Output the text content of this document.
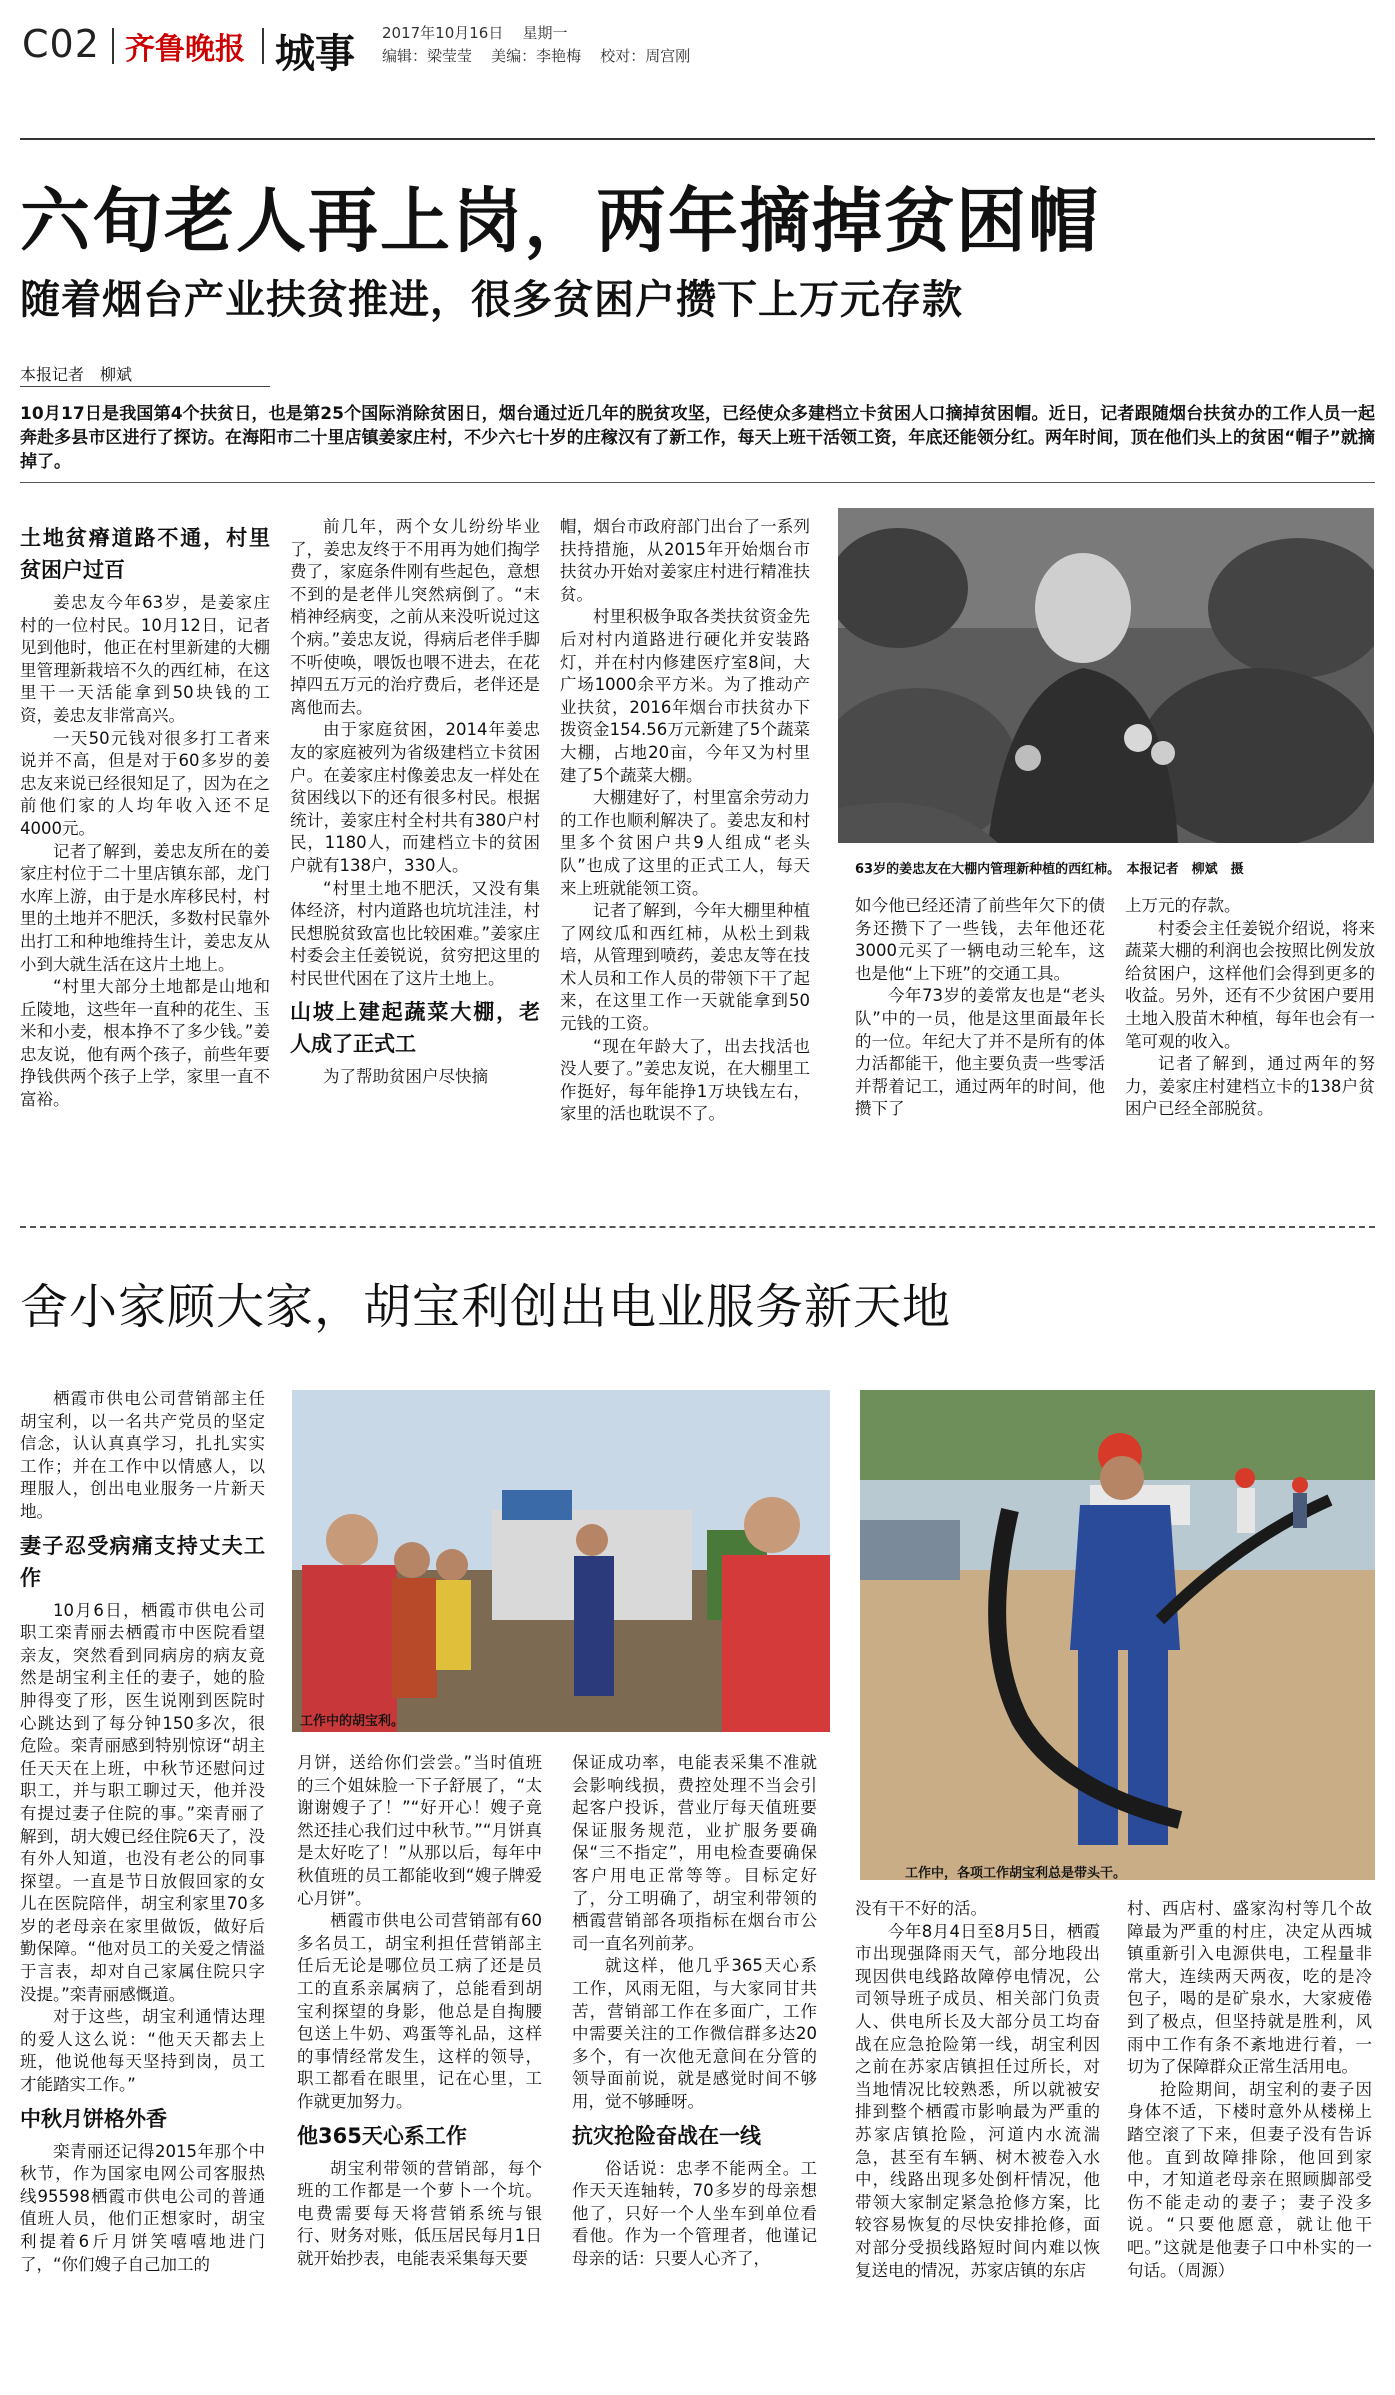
C02 齐鲁晚报 城事 2017年10月16日 星期一
编辑：梁莹莹 美编：李艳梅 校对：周宫刚
六旬老人再上岗，两年摘掉贫困帽
随着烟台产业扶贫推进，很多贫困户攒下上万元存款
本报记者　柳斌
10月17日是我国第4个扶贫日，也是第25个国际消除贫困日，烟台通过近几年的脱贫攻坚，已经使众多建档立卡贫困人口摘掉贫困帽。近日，记者跟随烟台扶贫办的工作人员一起奔赴多县市区进行了探访。在海阳市二十里店镇姜家庄村，不少六七十岁的庄稼汉有了新工作，每天上班干活领工资，年底还能领分红。两年时间，顶在他们头上的贫困“帽子”就摘掉了。
土地贫瘠道路不通，村里贫困户过百

姜忠友今年63岁，是姜家庄村的一位村民。10月12日，记者见到他时，他正在村里新建的大棚里管理新栽培不久的西红柿，在这里干一天活能拿到50块钱的工资，姜忠友非常高兴。

一天50元钱对很多打工者来说并不高，但是对于60多岁的姜忠友来说已经很知足了，因为在之前他们家的人均年收入还不足4000元。

记者了解到，姜忠友所在的姜家庄村位于二十里店镇东部，龙门水库上游，由于是水库移民村，村里的土地并不肥沃，多数村民靠外出打工和种地维持生计，姜忠友从小到大就生活在这片土地上。

“村里大部分土地都是山地和丘陵地，这些年一直种的花生、玉米和小麦，根本挣不了多少钱。”姜忠友说，他有两个孩子，前些年要挣钱供两个孩子上学，家里一直不富裕。

前几年，两个女儿纷纷毕业了，姜忠友终于不用再为她们掏学费了，家庭条件刚有些起色，意想不到的是老伴儿突然病倒了。“末梢神经病变，之前从来没听说过这个病。”姜忠友说，得病后老伴手脚不听使唤，喂饭也喂不进去，在花掉四五万元的治疗费后，老伴还是离他而去。

由于家庭贫困，2014年姜忠友的家庭被列为省级建档立卡贫困户。在姜家庄村像姜忠友一样处在贫困线以下的还有很多村民。根据统计，姜家庄村全村共有380户村民，1180人，而建档立卡的贫困户就有138户，330人。

“村里土地不肥沃，又没有集体经济，村内道路也坑坑洼洼，村民想脱贫致富也比较困难。”姜家庄村委会主任姜锐说，贫穷把这里的村民世代困在了这片土地上。

山坡上建起蔬菜大棚，老人成了正式工

为了帮助贫困户尽快摘

帽，烟台市政府部门出台了一系列扶持措施，从2015年开始烟台市扶贫办开始对姜家庄村进行精准扶贫。

村里积极争取各类扶贫资金先后对村内道路进行硬化并安装路灯，并在村内修建医疗室8间，大广场1000余平方米。为了推动产业扶贫，2016年烟台市扶贫办下拨资金154.56万元新建了5个蔬菜大棚，占地20亩，今年又为村里建了5个蔬菜大棚。

大棚建好了，村里富余劳动力的工作也顺利解决了。姜忠友和村里多个贫困户共9人组成“老头队”也成了这里的正式工人，每天来上班就能领工资。

记者了解到，今年大棚里种植了网纹瓜和西红柿，从松土到栽培，从管理到喷药，姜忠友等在技术人员和工作人员的带领下干了起来，在这里工作一天就能拿到50元钱的工资。

“现在年龄大了，出去找活也没人要了。”姜忠友说，在大棚里工作挺好，每年能挣1万块钱左右，家里的活也耽误不了。

63岁的姜忠友在大棚内管理新种植的西红柿。　本报记者　柳斌　摄

如今他已经还清了前些年欠下的债务还攒下了一些钱，去年他还花3000元买了一辆电动三轮车，这也是他“上下班”的交通工具。

今年73岁的姜常友也是“老头队”中的一员，他是这里面最年长的一位。年纪大了并不是所有的体力活都能干，他主要负责一些零活并帮着记工，通过两年的时间，他攒下了

上万元的存款。

村委会主任姜锐介绍说，将来蔬菜大棚的利润也会按照比例发放给贫困户，这样他们会得到更多的收益。另外，还有不少贫困户要用土地入股苗木种植，每年也会有一笔可观的收入。

记者了解到，通过两年的努力，姜家庄村建档立卡的138户贫困户已经全部脱贫。

舍小家顾大家，胡宝利创出电业服务新天地

栖霞市供电公司营销部主任胡宝利，以一名共产党员的坚定信念，认认真真学习，扎扎实实工作；并在工作中以情感人，以理服人，创出电业服务一片新天地。

妻子忍受病痛支持丈夫工作

10月6日，栖霞市供电公司职工栾青丽去栖霞市中医院看望亲友，突然看到同病房的病友竟然是胡宝利主任的妻子，她的脸肿得变了形，医生说刚到医院时心跳达到了每分钟150多次，很危险。栾青丽感到特别惊讶“胡主任天天在上班，中秋节还慰问过职工，并与职工聊过天，他并没有提过妻子住院的事。”栾青丽了解到，胡大嫂已经住院6天了，没有外人知道，也没有老公的同事探望。一直是节日放假回家的女儿在医院陪伴，胡宝利家里70多岁的老母亲在家里做饭，做好后勤保障。“他对员工的关爱之情溢于言表，却对自己家属住院只字没提。”栾青丽感慨道。

对于这些，胡宝利通情达理的爱人这么说：“他天天都去上班，他说他每天坚持到岗，员工才能踏实工作。”

中秋月饼格外香

栾青丽还记得2015年那个中秋节，作为国家电网公司客服热线95598栖霞市供电公司的普通值班人员，他们正想家时，胡宝利提着6斤月饼笑嘻嘻地进门了，“你们嫂子自己加工的

工作中的胡宝利。
工作中，各项工作胡宝利总是带头干。

月饼，送给你们尝尝。”当时值班的三个姐妹脸一下子舒展了，“太谢谢嫂子了！”“好开心！嫂子竟然还挂心我们过中秋节。”“月饼真是太好吃了！”从那以后，每年中秋值班的员工都能收到“嫂子牌爱心月饼”。

栖霞市供电公司营销部有60多名员工，胡宝利担任营销部主任后无论是哪位员工病了还是员工的直系亲属病了，总能看到胡宝利探望的身影，他总是自掏腰包送上牛奶、鸡蛋等礼品，这样的事情经常发生，这样的领导，职工都看在眼里，记在心里，工作就更加努力。

他365天心系工作

胡宝利带领的营销部，每个班的工作都是一个萝卜一个坑。电费需要每天将营销系统与银行、财务对账，低压居民每月1日就开始抄表，电能表采集每天要

保证成功率，电能表采集不准就会影响线损，费控处理不当会引起客户投诉，营业厅每天值班要保证服务规范，业扩服务要确保“三不指定”，用电检查要确保客户用电正常等等。目标定好了，分工明确了，胡宝利带领的栖霞营销部各项指标在烟台市公司一直名列前茅。

就这样，他几乎365天心系工作，风雨无阻，与大家同甘共苦，营销部工作在多面广，工作中需要关注的工作微信群多达20多个，有一次他无意间在分管的领导面前说，就是感觉时间不够用，觉不够睡呀。

抗灾抢险奋战在一线

俗话说：忠孝不能两全。工作天天连轴转，70多岁的母亲想他了，只好一个人坐车到单位看看他。作为一个管理者，他谨记母亲的话：只要人心齐了，

没有干不好的活。

今年8月4日至8月5日，栖霞市出现强降雨天气，部分地段出现因供电线路故障停电情况，公司领导班子成员、相关部门负责人、供电所长及大部分员工均奋战在应急抢险第一线，胡宝利因之前在苏家店镇担任过所长，对当地情况比较熟悉，所以就被安排到整个栖霞市影响最为严重的苏家店镇抢险，河道内水流湍急，甚至有车辆、树木被卷入水中，线路出现多处倒杆情况，他带领大家制定紧急抢修方案，比较容易恢复的尽快安排抢修，面对部分受损线路短时间内难以恢复送电的情况，苏家店镇的东店

村、西店村、盛家沟村等几个故障最为严重的村庄，决定从西城镇重新引入电源供电，工程量非常大，连续两天两夜，吃的是冷包子，喝的是矿泉水，大家疲倦到了极点，但坚持就是胜利，风雨中工作有条不紊地进行着，一切为了保障群众正常生活用电。

抢险期间，胡宝利的妻子因身体不适，下楼时意外从楼梯上踏空滚了下来，但妻子没有告诉他。直到故障排除，他回到家中，才知道老母亲在照顾脚部受伤不能走动的妻子；妻子没多说。“只要他愿意，就让他干吧。”这就是他妻子口中朴实的一句话。（周源）
